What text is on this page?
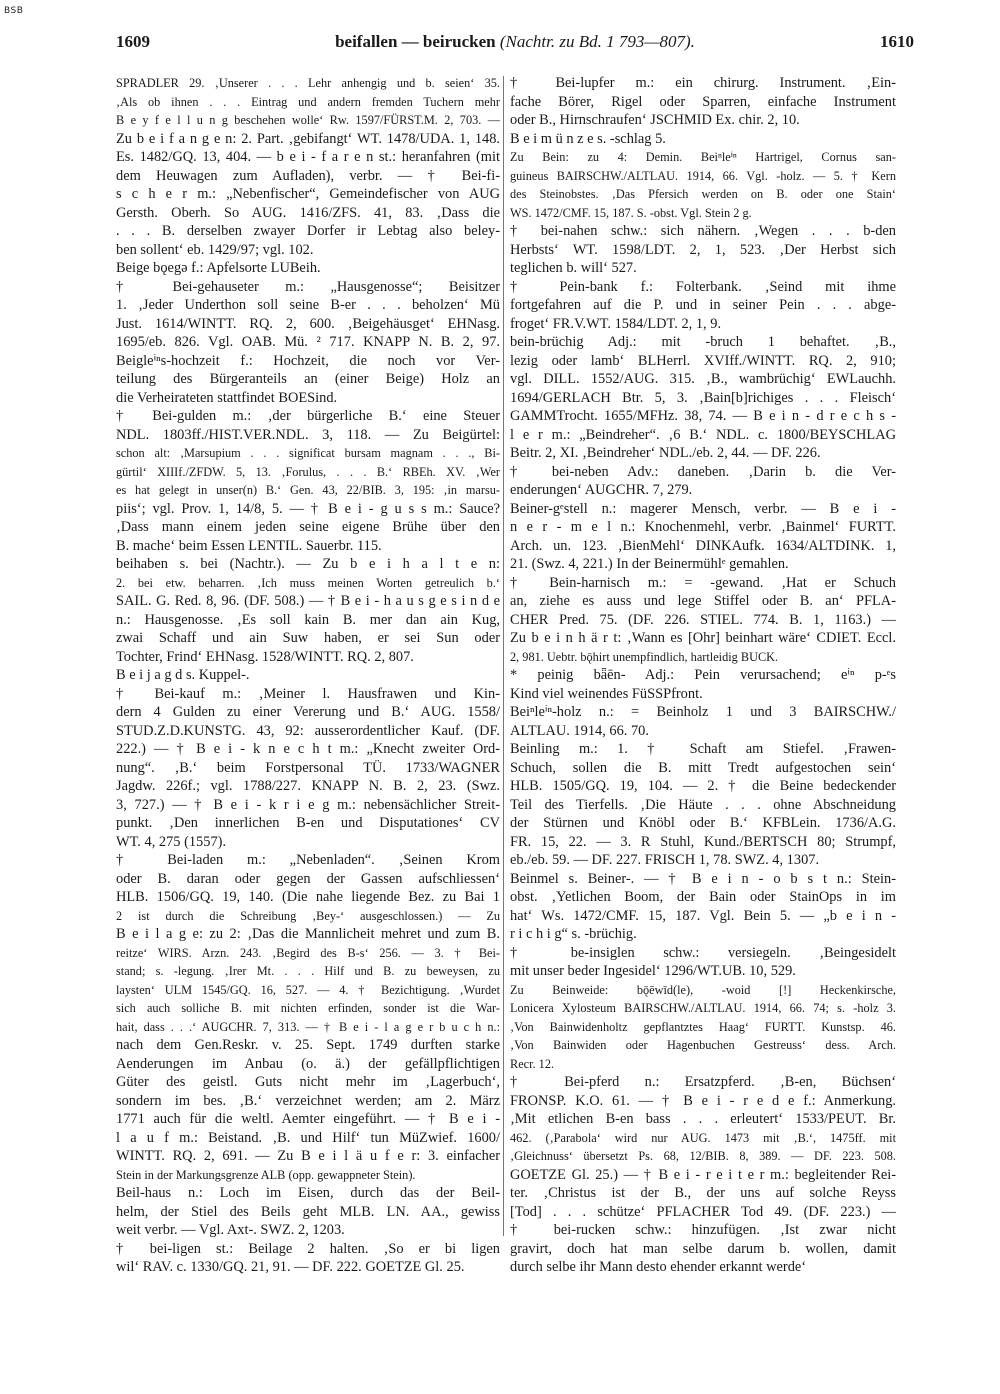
BSB
1609	beifallen — beirucken (Nachtr. zu Bd. 1 793—807).	1610
SPRADLER 29. ‚Unserer . . . Lehr anhengig und b. seien‘ 35.
‚Als ob ihnen . . . Eintrag und andern fremden Tuchern mehr
B e y f e l l u n g beschehen wolle‘ Rw. 1597/FÜRST.M. 2, 703. —
Zu b e i f a n g e n: 2. Part. ‚gebifangt‘ WT. 1478/UDA. 1, 148.
Es. 1482/GQ. 13, 404. — b e i - f a r e n st.: heranfahren (mit
dem Heuwagen zum Aufladen), verbr. — † Bei-fi-
s c h e r m.: „Nebenfischer“, Gemeindefischer von AUG
Gersth. Oberh. So AUG. 1416/ZFS. 41, 83. ‚Dass die
. . . B. derselben zwayer Dorfer ir Lebtag also beley-
ben sollent‘ eb. 1429/97; vgl. 102.
Beige bǫegə f.: Apfelsorte LUBeih.
† Bei-gehauseter m.: „Hausgenosse“; Beisitzer
1. ‚Jeder Underthon soll seine B-er . . . beholzen‘ Mü
Just. 1614/WINTT. RQ. 2, 600. ‚Beigehäusget‘ EHNasg.
1695/eb. 826. Vgl. OAB. Mü. ² 717. KNAPP N. B. 2, 97.
Beigleⁱⁿs-hochzeit f.: Hochzeit, die noch vor Ver-
teilung des Bürgeranteils an (einer Beige) Holz an
die Verheirateten stattfindet BOESind.
† Bei-gulden m.: ‚der bürgerliche B.‘ eine Steuer
NDL. 1803ff./HIST.VER.NDL. 3, 118. — Zu Beigürtel:
schon alt: ‚Marsupium . . . significat bursam magnam . . ., Bi-
gürtil‘ XIIIf./ZFDW. 5, 13. ‚Forulus, . . . B.‘ RBEh. XV. ‚Wer
es hat gelegt in unser(n) B.‘ Gen. 43, 22/BIB. 3, 195: ‚in marsu-
piis‘; vgl. Prov. 1, 14/8, 5. — † B e i - g u s s m.: Sauce?
‚Dass mann einem jeden seine eigene Brühe über den
B. mache‘ beim Essen LENTIL. Sauerbr. 115.
beihaben s. bei (Nachtr.). — Zu b e i h a l t e n:
2. bei etw. beharren. ‚Ich muss meinen Worten getreulich b.‘
SAIL. G. Red. 8, 96. (DF. 508.) — † B e i - h a u s g e s i n d e
n.: Hausgenosse. ‚Es soll kain B. mer dan ain Kug,
zwai Schaff und ain Suw haben, er sei Sun oder
Tochter, Frind‘ EHNasg. 1528/WINTT. RQ. 2, 807.
B e i j a g d s. Kuppel-.
† Bei-kauf m.: ‚Meiner l. Hausfrawen und Kin-
dern 4 Gulden zu einer Vererung und B.‘ AUG. 1558/
STUD.Z.D.KUNSTG. 43, 92: ausserordentlicher Kauf. (DF.
222.) — † B e i - k n e c h t m.: „Knecht zweiter Ord-
nung“. ‚B.‘ beim Forstpersonal TÜ. 1733/WAGNER
Jagdw. 226f.; vgl. 1788/227. KNAPP N. B. 2, 23. (Swz.
3, 727.) — † B e i - k r i e g m.: nebensächlicher Streit-
punkt. ‚Den innerlichen B-en und Disputationes‘ CV
WT. 4, 275 (1557).
† Bei-laden m.: „Nebenladen“. ‚Seinen Krom
oder B. daran oder gegen der Gassen aufschliessen‘
HLB. 1506/GQ. 19, 140. (Die nahe liegende Bez. zu Bai 1
2 ist durch die Schreibung ‚Bey-‘ ausgeschlossen.) — Zu
B e i l a g e: zu 2: ‚Das die Mannlicheit mehret und zum B.
reitze‘ WIRS. Arzn. 243. ‚Begird des B-s‘ 256. — 3. † Bei-
stand; s. -legung. ‚Irer Mt. . . . Hilf und B. zu beweysen, zu
laysten‘ ULM 1545/GQ. 16, 527. — 4. † Bezichtigung. ‚Wurdet
sich auch solliche B. mit nichten erfinden, sonder ist die War-
hait, dass . . .‘ AUGCHR. 7, 313. — † B e i - l a g e r b u c h n.:
nach dem Gen.Reskr. v. 25. Sept. 1749 durften starke
Aenderungen im Anbau (o. ä.) der gefällpflichtigen
Güter des geistl. Guts nicht mehr im ‚Lagerbuch‘,
sondern im bes. ‚B.‘ verzeichnet werden; am 2. März
1771 auch für die weltl. Aemter eingeführt. — † B e i -
l a u f m.: Beistand. ‚B. und Hilf‘ tun MüZwief. 1600/
WINTT. RQ. 2, 691. — Zu B e i l ä u f e r: 3. einfacher
Stein in der Markungsgrenze ALB (opp. gewappneter Stein).
Beil-haus n.: Loch im Eisen, durch das der Beil-
helm, der Stiel des Beils geht MLB. LN. AA., gewiss
weit verbr. — Vgl. Axt-. SWZ. 2, 1203.
† bei-ligen st.: Beilage 2 halten. ‚So er bi ligen
wil‘ RAV. c. 1330/GQ. 21, 91. — DF. 222. GOETZE Gl. 25.
† Bei-lupfer m.: ein chirurg. Instrument. ‚Ein-
fache Börer, Rigel oder Sparren, einfache Instrument
oder B., Hirnschraufen‘ JSCHMID Ex. chir. 2, 10.
B e i m ü n z e s. -schlag 5.
Zu Bein: zu 4: Demin. Beiⁿleⁱⁿ Hartrigel, Cornus san-
guineus BAIRSCHW./ALTLAU. 1914, 66. Vgl. -holz. — 5. † Kern
des Steinobstes. ‚Das Pfersich werden on B. oder one Stain‘
WS. 1472/CMF. 15, 187. S. -obst. Vgl. Stein 2 g.
† bei-nahen schw.: sich nähern. ‚Wegen . . . b-den
Herbsts‘ WT. 1598/LDT. 2, 1, 523. ‚Der Herbst sich
teglichen b. will‘ 527.
† Pein-bank f.: Folterbank. ‚Seind mit ihme
fortgefahren auf die P. und in seiner Pein . . . abge-
froget‘ FR.V.WT. 1584/LDT. 2, 1, 9.
bein-brüchig Adj.: mit -bruch 1 behaftet. ‚B.,
lezig oder lamb‘ BLHerrl. XVIff./WINTT. RQ. 2, 910;
vgl. DILL. 1552/AUG. 315. ‚B., wambrüchig‘ EWLauchh.
1694/GERLACH Btr. 5, 3. ‚Bain[b]richiges . . . Fleisch‘
GAMMTrocht. 1655/MFHz. 38, 74. — B e i n - d r e c h s -
l e r m.: „Beindreher“. ‚6 B.‘ NDL. c. 1800/BEYSCHLAG
Beitr. 2, XI. ‚Beindreher‘ NDL./eb. 2, 44. — DF. 226.
† bei-neben Adv.: daneben. ‚Darin b. die Ver-
enderungen‘ AUGCHR. 7, 279.
Beiner-gᵉstell n.: magerer Mensch, verbr. — B e i -
n e r - m e l n.: Knochenmehl, verbr. ‚Bainmel‘ FURTT.
Arch. un. 123. ‚BienMehl‘ DINKAufk. 1634/ALTDINK. 1,
21. (Swz. 4, 221.) In der Beinermühlᵉ gemahlen.
† Bein-harnisch m.: = -gewand. ‚Hat er Schuch
an, ziehe es auss und lege Stiffel oder B. an‘ PFLA-
CHER Pred. 75. (DF. 226. STIEL. 774. B. 1, 1163.) —
Zu b e i n h ä r t: ‚Wann es [Ohr] beinhart wäre‘ CDIET. Eccl.
2, 981. Uebtr. bǭhirt unempfindlich, hartleidig BUCK.
* peinig bǟēn- Adj.: Pein verursachend; eⁱⁿ p-ᵉs
Kind viel weinendes FüSSPfront.
Beiⁿleⁱⁿ-holz n.: = Beinholz 1 und 3 BAIRSCHW./
ALTLAU. 1914, 66. 70.
Beinling m.: 1. † Schaft am Stiefel. ‚Frawen-
Schuch, sollen die B. mitt Tredt aufgestochen sein‘
HLB. 1505/GQ. 19, 104. — 2. † die Beine bedeckender
Teil des Tierfells. ‚Die Häute . . . ohne Abschneidung
der Stürnen und Knöbl oder B.‘ KFBLein. 1736/A.G.
FR. 15, 22. — 3. R Stuhl, Kund./BERTSCH 80; Strumpf,
eb./eb. 59. — DF. 227. FRISCH 1, 78. SWZ. 4, 1307.
Beinmel s. Beiner-. — † B e i n - o b s t n.: Stein-
obst. ‚Yetlichen Boom, der Bain oder StainOps in im
hat‘ Ws. 1472/CMF. 15, 187. Vgl. Bein 5. — „b e i n -
r i c h i g“ s. -brüchig.
† be-insiglen schw.: versiegeln. ‚Beingesidelt
mit unser beder Ingesidel‘ 1296/WT.UB. 10, 529.
Zu Beinweide: bǭēwīd(le), -woid [!] Heckenkirsche,
Lonicera Xylosteum BAIRSCHW./ALTLAU. 1914, 66. 74; s. -holz 3.
‚Von Bainwidenholtz gepflantztes Haag‘ FURTT. Kunstsp. 46.
‚Von Bainwiden oder Hagenbuchen Gestreuss‘ dess. Arch.
Recr. 12.
† Bei-pferd n.: Ersatzpferd. ‚B-en, Büchsen‘
FRONSP. K.O. 61. — † B e i - r e d e f.: Anmerkung.
‚Mit etlichen B-en bass . . . erleutert‘ 1533/PEUT. Br.
462. (‚Parabola‘ wird nur AUG. 1473 mit ‚B.‘, 1475ff. mit
‚Gleichnuss‘ übersetzt Ps. 68, 12/BIB. 8, 389. — DF. 223. 508.
GOETZE Gl. 25.) — † B e i - r e i t e r m.: begleitender Rei-
ter. ‚Christus ist der B., der uns auf solche Reyss
[Tod] . . . schütze‘ PFLACHER Tod 49. (DF. 223.) —
† bei-rucken schw.: hinzufügen. ‚Ist zwar nicht
gravirt, doch hat man selbe darum b. wollen, damit
durch selbe ihr Mann desto ehender erkannt werde‘
